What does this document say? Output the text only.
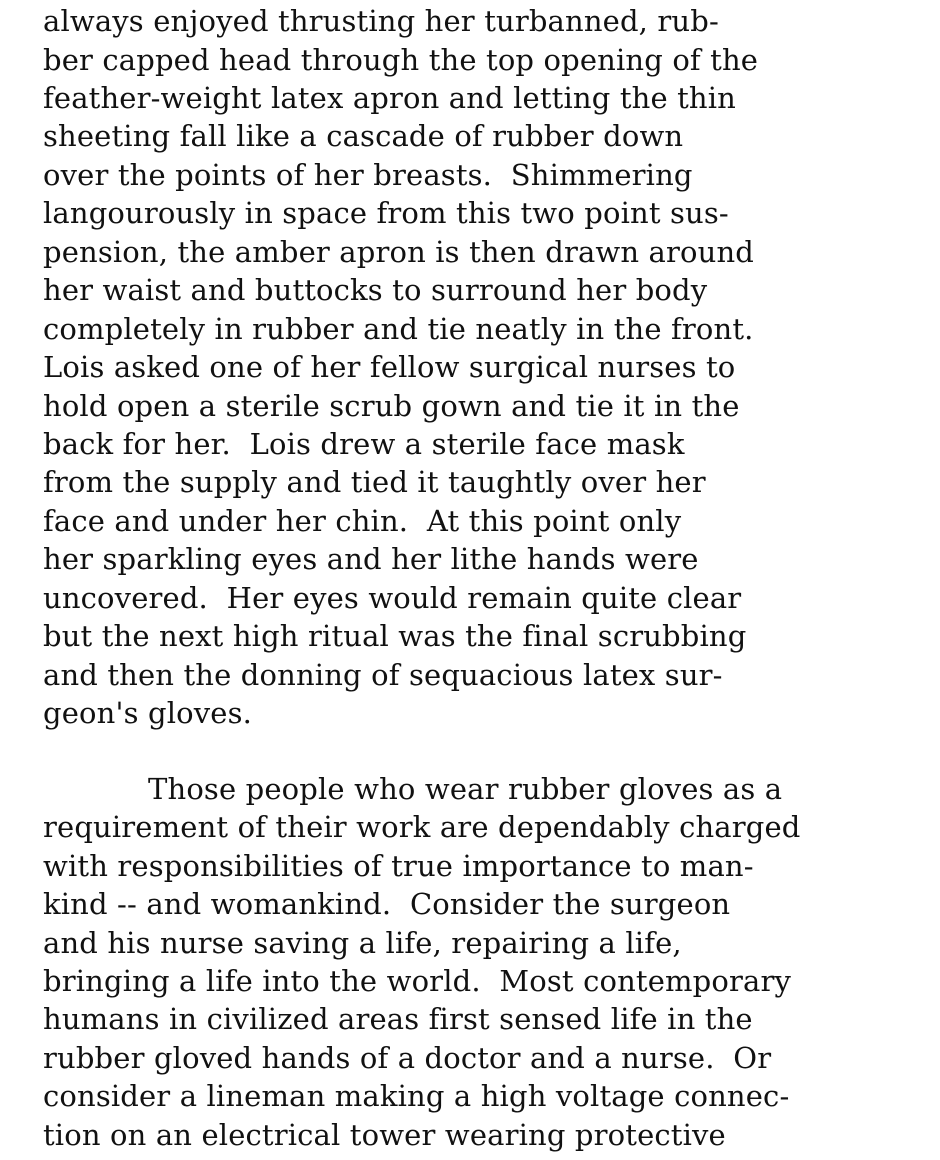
always enjoyed thrusting her turbanned, rub-
ber capped head through the top opening of the
feather-weight latex apron and letting the thin
sheeting fall like a cascade of rubber down
over the points of her breasts.  Shimmering
langourously in space from this two point sus-
pension, the amber apron is then drawn around
her waist and buttocks to surround her body
completely in rubber and tie neatly in the front.
Lois asked one of her fellow surgical nurses to
hold open a sterile scrub gown and tie it in the
back for her.  Lois drew a sterile face mask
from the supply and tied it taughtly over her
face and under her chin.  At this point only
her sparkling eyes and her lithe hands were
uncovered.  Her eyes would remain quite clear
but the next high ritual was the final scrubbing
and then the donning of sequacious latex sur-
geon's gloves.
Those people who wear rubber gloves as a
requirement of their work are dependably charged
with responsibilities of true importance to man-
kind -- and womankind.  Consider the surgeon
and his nurse saving a life, repairing a life,
bringing a life into the world.  Most contemporary
humans in civilized areas first sensed life in the
rubber gloved hands of a doctor and a nurse.  Or
consider a lineman making a high voltage connec-
tion on an electrical tower wearing protective
